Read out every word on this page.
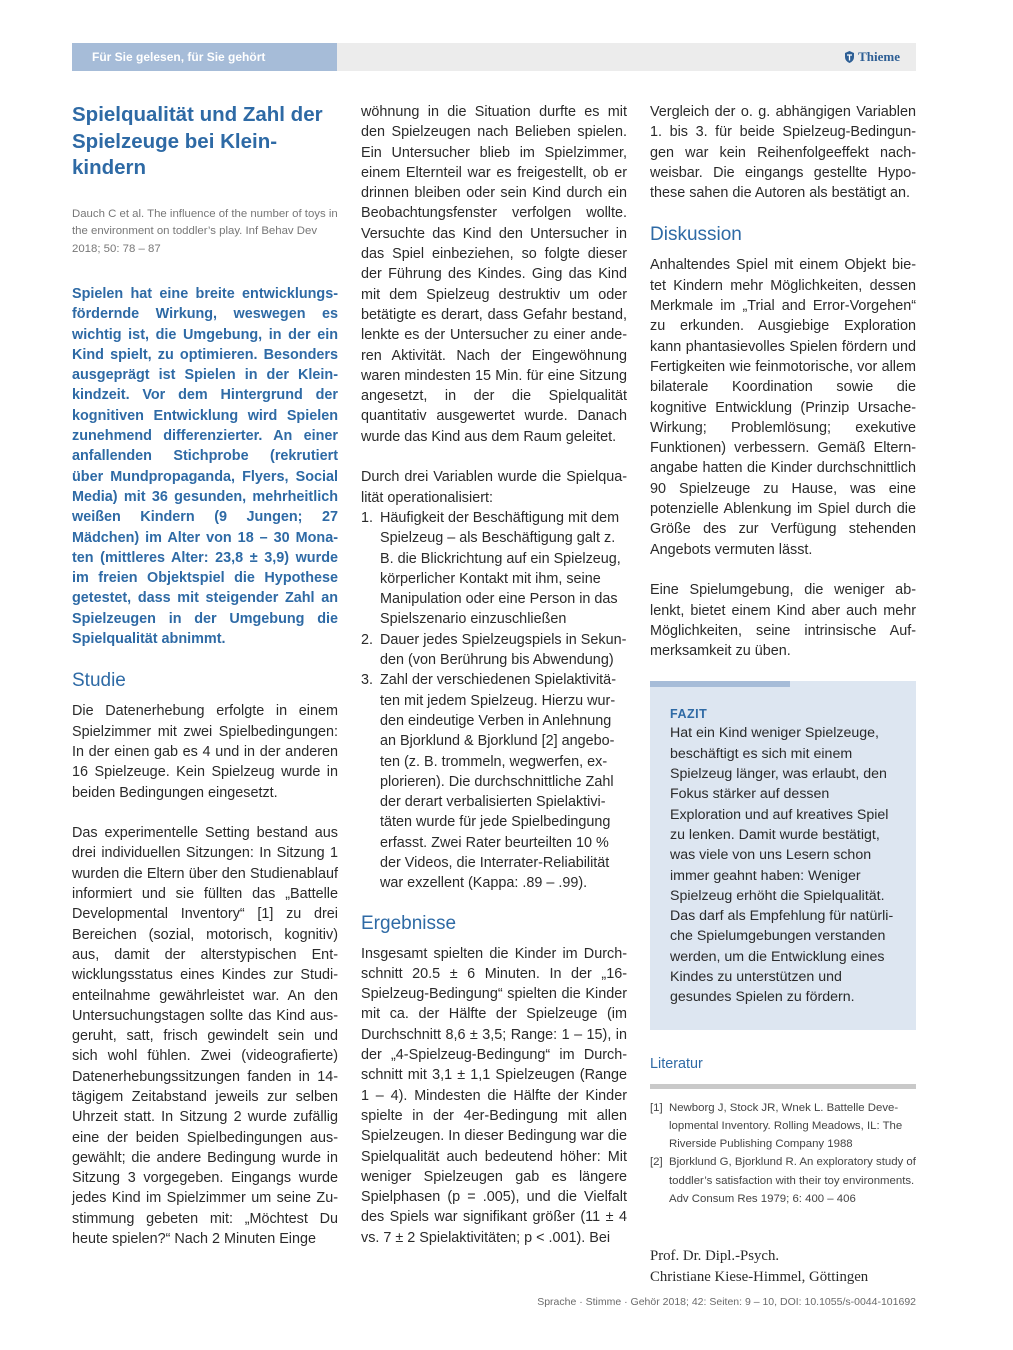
Für Sie gelesen, für Sie gehört	Thieme
Spielqualität und Zahl der Spielzeuge bei Kleinkindern
Dauch C et al. The influence of the number of toys in the environment on toddler’s play. Inf Behav Dev 2018; 50: 78 – 87

Spielen hat eine breite entwicklungsfördernde Wirkung, weswegen es wichtig ist, die Umgebung, in der ein Kind spielt, zu optimieren. Besonders ausgeprägt ist Spielen in der Kleinkindzeit. Vor dem Hintergrund der kognitiven Entwicklung wird Spielen zunehmend differenzierter. An einer anfallenden Stichprobe (rekrutiert über Mundpropaganda, Flyers, Social Media) mit 36 gesunden, mehrheitlich weißen Kindern (9 Jungen; 27 Mädchen) im Alter von 18 – 30 Monaten (mittleres Alter: 23,8 ± 3,9) wurde im freien Objektspiel die Hypothese getestet, dass mit steigender Zahl an Spielzeugen in der Umgebung die Spielqualität abnimmt.

Studie

Die Datenerhebung erfolgte in einem Spielzimmer mit zwei Spielbedingungen: In der einen gab es 4 und in der anderen 16 Spielzeuge. Kein Spielzeug wurde in beiden Bedingungen eingesetzt.

Das experimentelle Setting bestand aus drei individuellen Sitzungen: In Sitzung 1 wurden die Eltern über den Studienablauf informiert und sie füllten das „Battelle Developmental Inventory“ [1] zu drei Bereichen (sozial, motorisch, kognitiv) aus, damit der alterstypischen Entwicklungsstatus eines Kindes zur Studienteilnahme gewährleistet war. An den Untersuchungstagen sollte das Kind ausgeruht, satt, frisch gewindelt sein und sich wohl fühlen. Zwei (videografierte) Datenerhebungssitzungen fanden in 14-tägigem Zeitabstand jeweils zur selben Uhrzeit statt. In Sitzung 2 wurde zufällig eine der beiden Spielbedingungen ausgewählt; die andere Bedingung wurde in Sitzung 3 vorgegeben. Eingangs wurde jedes Kind im Spielzimmer um seine Zustimmung gebeten mit: „Möchtest Du heute spielen?“ Nach 2 Minuten Einge

wöhnung in die Situation durfte es mit den Spielzeugen nach Belieben spielen. Ein Untersucher blieb im Spielzimmer, einem Elternteil war es freigestellt, ob er drinnen bleiben oder sein Kind durch ein Beobachtungsfenster verfolgen wollte. Versuchte das Kind den Untersucher in das Spiel einbeziehen, so folgte dieser der Führung des Kindes. Ging das Kind mit dem Spielzeug destruktiv um oder betätigte es derart, dass Gefahr bestand, lenkte es der Untersucher zu einer anderen Aktivität. Nach der Eingewöhnung waren mindesten 15 Min. für eine Sitzung angesetzt, in der die Spielqualität quantitativ ausgewertet wurde. Danach wurde das Kind aus dem Raum geleitet.

Durch drei Variablen wurde die Spielqualität operationalisiert:

1. Häufigkeit der Beschäftigung mit dem Spielzeug – als Beschäftigung galt z. B. die Blickrichtung auf ein Spielzeug, körperlicher Kontakt mit ihm, seine Manipulation oder eine Person in das Spielszenario einzuschließen
2. Dauer jedes Spielzeugspiels in Sekunden (von Berührung bis Abwendung)
3. Zahl der verschiedenen Spielaktivitäten mit jedem Spielzeug. Hierzu wurden eindeutige Verben in Anlehnung an Bjorklund & Bjorklund [2] angeboten (z. B. trommeln, wegwerfen, explorieren). Die durchschnittliche Zahl der derart verbalisierten Spielaktivitäten wurde für jede Spielbedingung erfasst. Zwei Rater beurteilten 10 % der Videos, die Interrater-Reliabilität war exzellent (Kappa: .89 – .99).
Ergebnisse

Insgesamt spielten die Kinder im Durchschnitt 20.5 ± 6 Minuten. In der „16-Spielzeug-Bedingung“ spielten die Kinder mit ca. der Hälfte der Spielzeuge (im Durchschnitt 8,6 ± 3,5; Range: 1 – 15), in der „4-Spielzeug-Bedingung“ im Durchschnitt mit 3,1 ± 1,1 Spielzeugen (Range 1 – 4). Mindesten die Hälfte der Kinder spielte in der 4er-Bedingung mit allen Spielzeugen. In dieser Bedingung war die Spielqualität auch bedeutend höher: Mit weniger Spielzeugen gab es längere Spielphasen (p = .005), und die Vielfalt des Spiels war signifikant größer (11 ± 4 vs. 7 ± 2 Spielaktivitäten; p < .001). Bei

Vergleich der o. g. abhängigen Variablen 1. bis 3. für beide Spielzeug-Bedingungen war kein Reihenfolgeeffekt nachweisbar. Die eingangs gestellte Hypothese sahen die Autoren als bestätigt an.

Diskussion

Anhaltendes Spiel mit einem Objekt bietet Kindern mehr Möglichkeiten, dessen Merkmale im „Trial and Error-Vorgehen“ zu erkunden. Ausgiebige Exploration kann phantasievolles Spielen fördern und Fertigkeiten wie feinmotorische, vor allem bilaterale Koordination sowie die kognitive Entwicklung (Prinzip Ursache-Wirkung; Problemlösung; exekutive Funktionen) verbessern. Gemäß Elternangabe hatten die Kinder durchschnittlich 90 Spielzeuge zu Hause, was eine potenzielle Ablenkung im Spiel durch die Größe des zur Verfügung stehenden Angebots vermuten lässt.

Eine Spielumgebung, die weniger ablenkt, bietet einem Kind aber auch mehr Möglichkeiten, seine intrinsische Aufmerksamkeit zu üben.

FAZIT
Hat ein Kind weniger Spielzeuge, beschäftigt es sich mit einem Spielzeug länger, was erlaubt, den Fokus stärker auf dessen Exploration und auf kreatives Spiel zu lenken. Damit wurde bestätigt, was viele von uns Lesern schon immer geahnt haben: Weniger Spielzeug erhöht die Spielqualität. Das darf als Empfehlung für natürliche Spielumgebungen verstanden werden, um die Entwicklung eines Kindes zu unterstützen und gesundes Spielen zu fördern.
Literatur

[1] Newborg J, Stock JR, Wnek L. Battelle Developmental Inventory. Rolling Meadows, IL: The Riverside Publishing Company 1988

[2] Bjorklund G, Bjorklund R. An exploratory study of toddler’s satisfaction with their toy environments. Adv Consum Res 1979; 6: 400 – 406

Prof. Dr. Dipl.-Psych.
Christiane Kiese-Himmel, Göttingen
Sprache · Stimme · Gehör 2018; 42: Seiten: 9 – 10, DOI: 10.1055/s-0044-101692
